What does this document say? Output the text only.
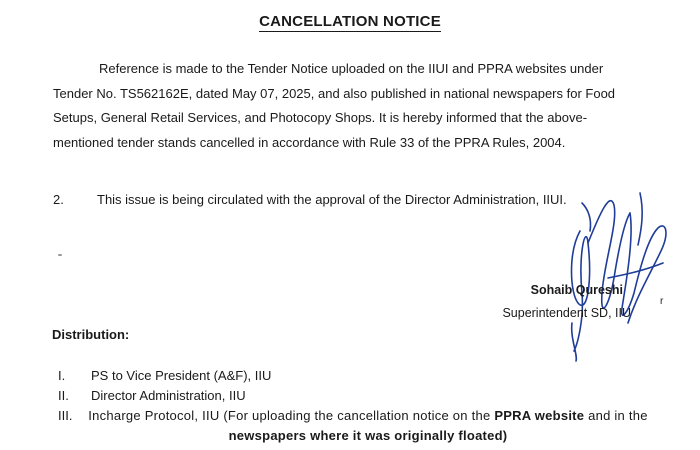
CANCELLATION NOTICE
Reference is made to the Tender Notice uploaded on the IIUI and PPRA websites under Tender No. TS562162E, dated May 07, 2025, and also published in national newspapers for Food Setups, General Retail Services, and Photocopy Shops. It is hereby informed that the above-mentioned tender stands cancelled in accordance with Rule 33 of the PPRA Rules, 2004.
2.	This issue is being circulated with the approval of the Director Administration, IIUI.
Sohaib Qureshi
r
Superintendent SD, IIU
Distribution:
I.	PS to Vice President (A&F), IIU
II.	Director Administration, IIU
III.	Incharge Protocol, IIU (For uploading the cancellation notice on the PPRA website and in the newspapers where it was originally floated)
